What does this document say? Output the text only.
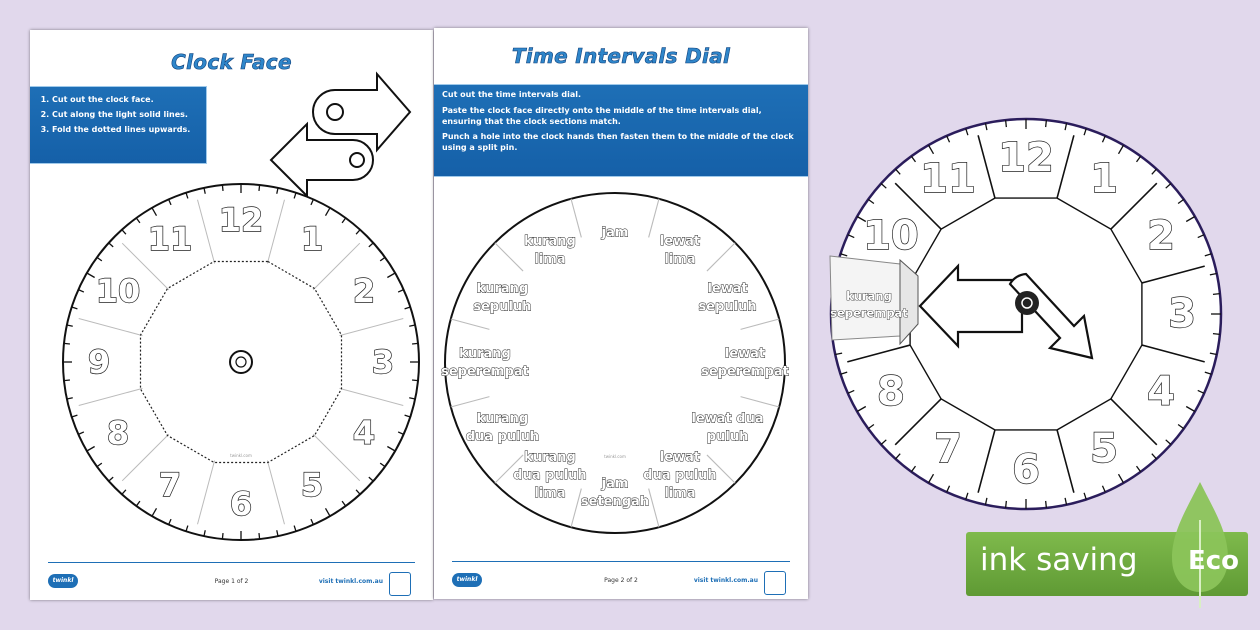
Clock Face
1. Cut out the clock face.
2. Cut along the light solid lines.
3. Fold the dotted lines upwards.
12
1
2
3
4
5
6
7
8
9
10
11
twinkl.com
twinkl	Page 1 of 2	visit twinkl.com.au
Time Intervals Dial
Cut out the time intervals dial.
Paste the clock face directly onto the middle of the time intervals dial, ensuring that the clock sections match.
Punch a hole into the clock hands then fasten them to the middle of the clock using a split pin.
jam
lewat
lima
lewat
sepuluh
lewat
seperempat
lewat dua
puluh
lewat
dua puluh
lima
jam
setengah
kurang
dua puluh
lima
kurang
dua puluh
kurang
seperempat
kurang
sepuluh
kurang
lima
twinkl.com
twinkl	Page 2 of 2	visit twinkl.com.au
12 1
2
3
4
5
6
7
8
10
11
kurang
seperempat
ink saving Eco
